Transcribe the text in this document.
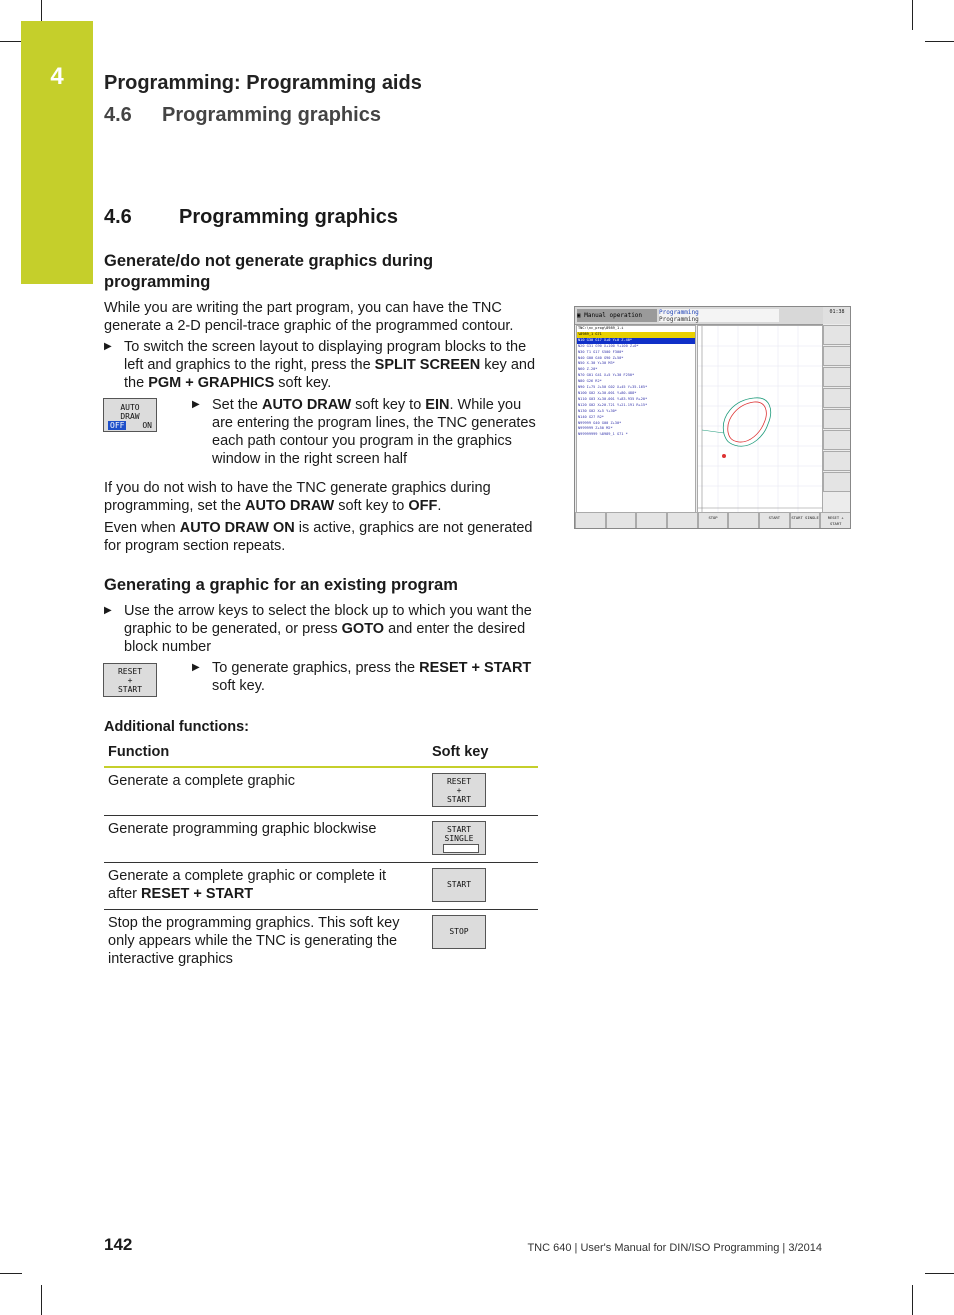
4	Programming: Programming aids
4.6 Programming graphics
4.6 Programming graphics
Generate/do not generate graphics during programming
While you are writing the part program, you can have the TNC generate a 2-D pencil-trace graphic of the programmed contour.
▶ To switch the screen layout to displaying program blocks to the left and graphics to the right, press the SPLIT SCREEN key and the PGM + GRAPHICS soft key.
AUTO
DRAW
OFF ON
▶ Set the AUTO DRAW soft key to EIN. While you are entering the program lines, the TNC generates each path contour you program in the graphics window in the right screen half
If you do not wish to have the TNC generate graphics during programming, set the AUTO DRAW soft key to OFF.
Even when AUTO DRAW ON is active, graphics are not generated for program section repeats.
Generating a graphic for an existing program
▶ Use the arrow keys to select the block up to which you want the graphic to be generated, or press GOTO and enter the desired block number
RESET
+
START
▶ To generate graphics, press the RESET + START soft key.
Additional functions:
Function	Soft key
Generate a complete graphic	RESET
+
START
Generate programming graphic blockwise	START
SINGLE
Generate a complete graphic or complete it after RESET + START
START
Stop the programming graphics. This soft key only appears while the TNC is generating the interactive graphics
STOP
▣ Manual operation	Programming
Programming
01:38
TNC:\nc_prog\8989_1.i
%8989_1 G71
N10 G30 G17 X+0 Y+0 Z-40*
N20 G31 G90 X+100 Y+100 Z+0*
N30 T1 G17 S500 F300*
N40 G00 G40 G90 Z+50*
N50 X-30 Y+30 M3*
N60 Z-20*
N70 G01 G41 X+5 Y+30 F250*
N80 G26 R2*
N90 I+75 J+50 G02 X+45 Y+35.165*
N100 G02 X+30.001 Y+80.488*
N110 G03 X+30.001 Y+83.935 R+20*
N120 G02 X+20.721 Y+21.191 R+15*
N130 G02 X+5 Y+30*
N140 G27 R2*
N99999 G40 G00 Z+30*
N999999 Z+50 M2*
N99999999 %8989_1 G71 *
STOP	START	START SINGLE	RESET + START
142	TNC 640 | User's Manual for DIN/ISO Programming | 3/2014
